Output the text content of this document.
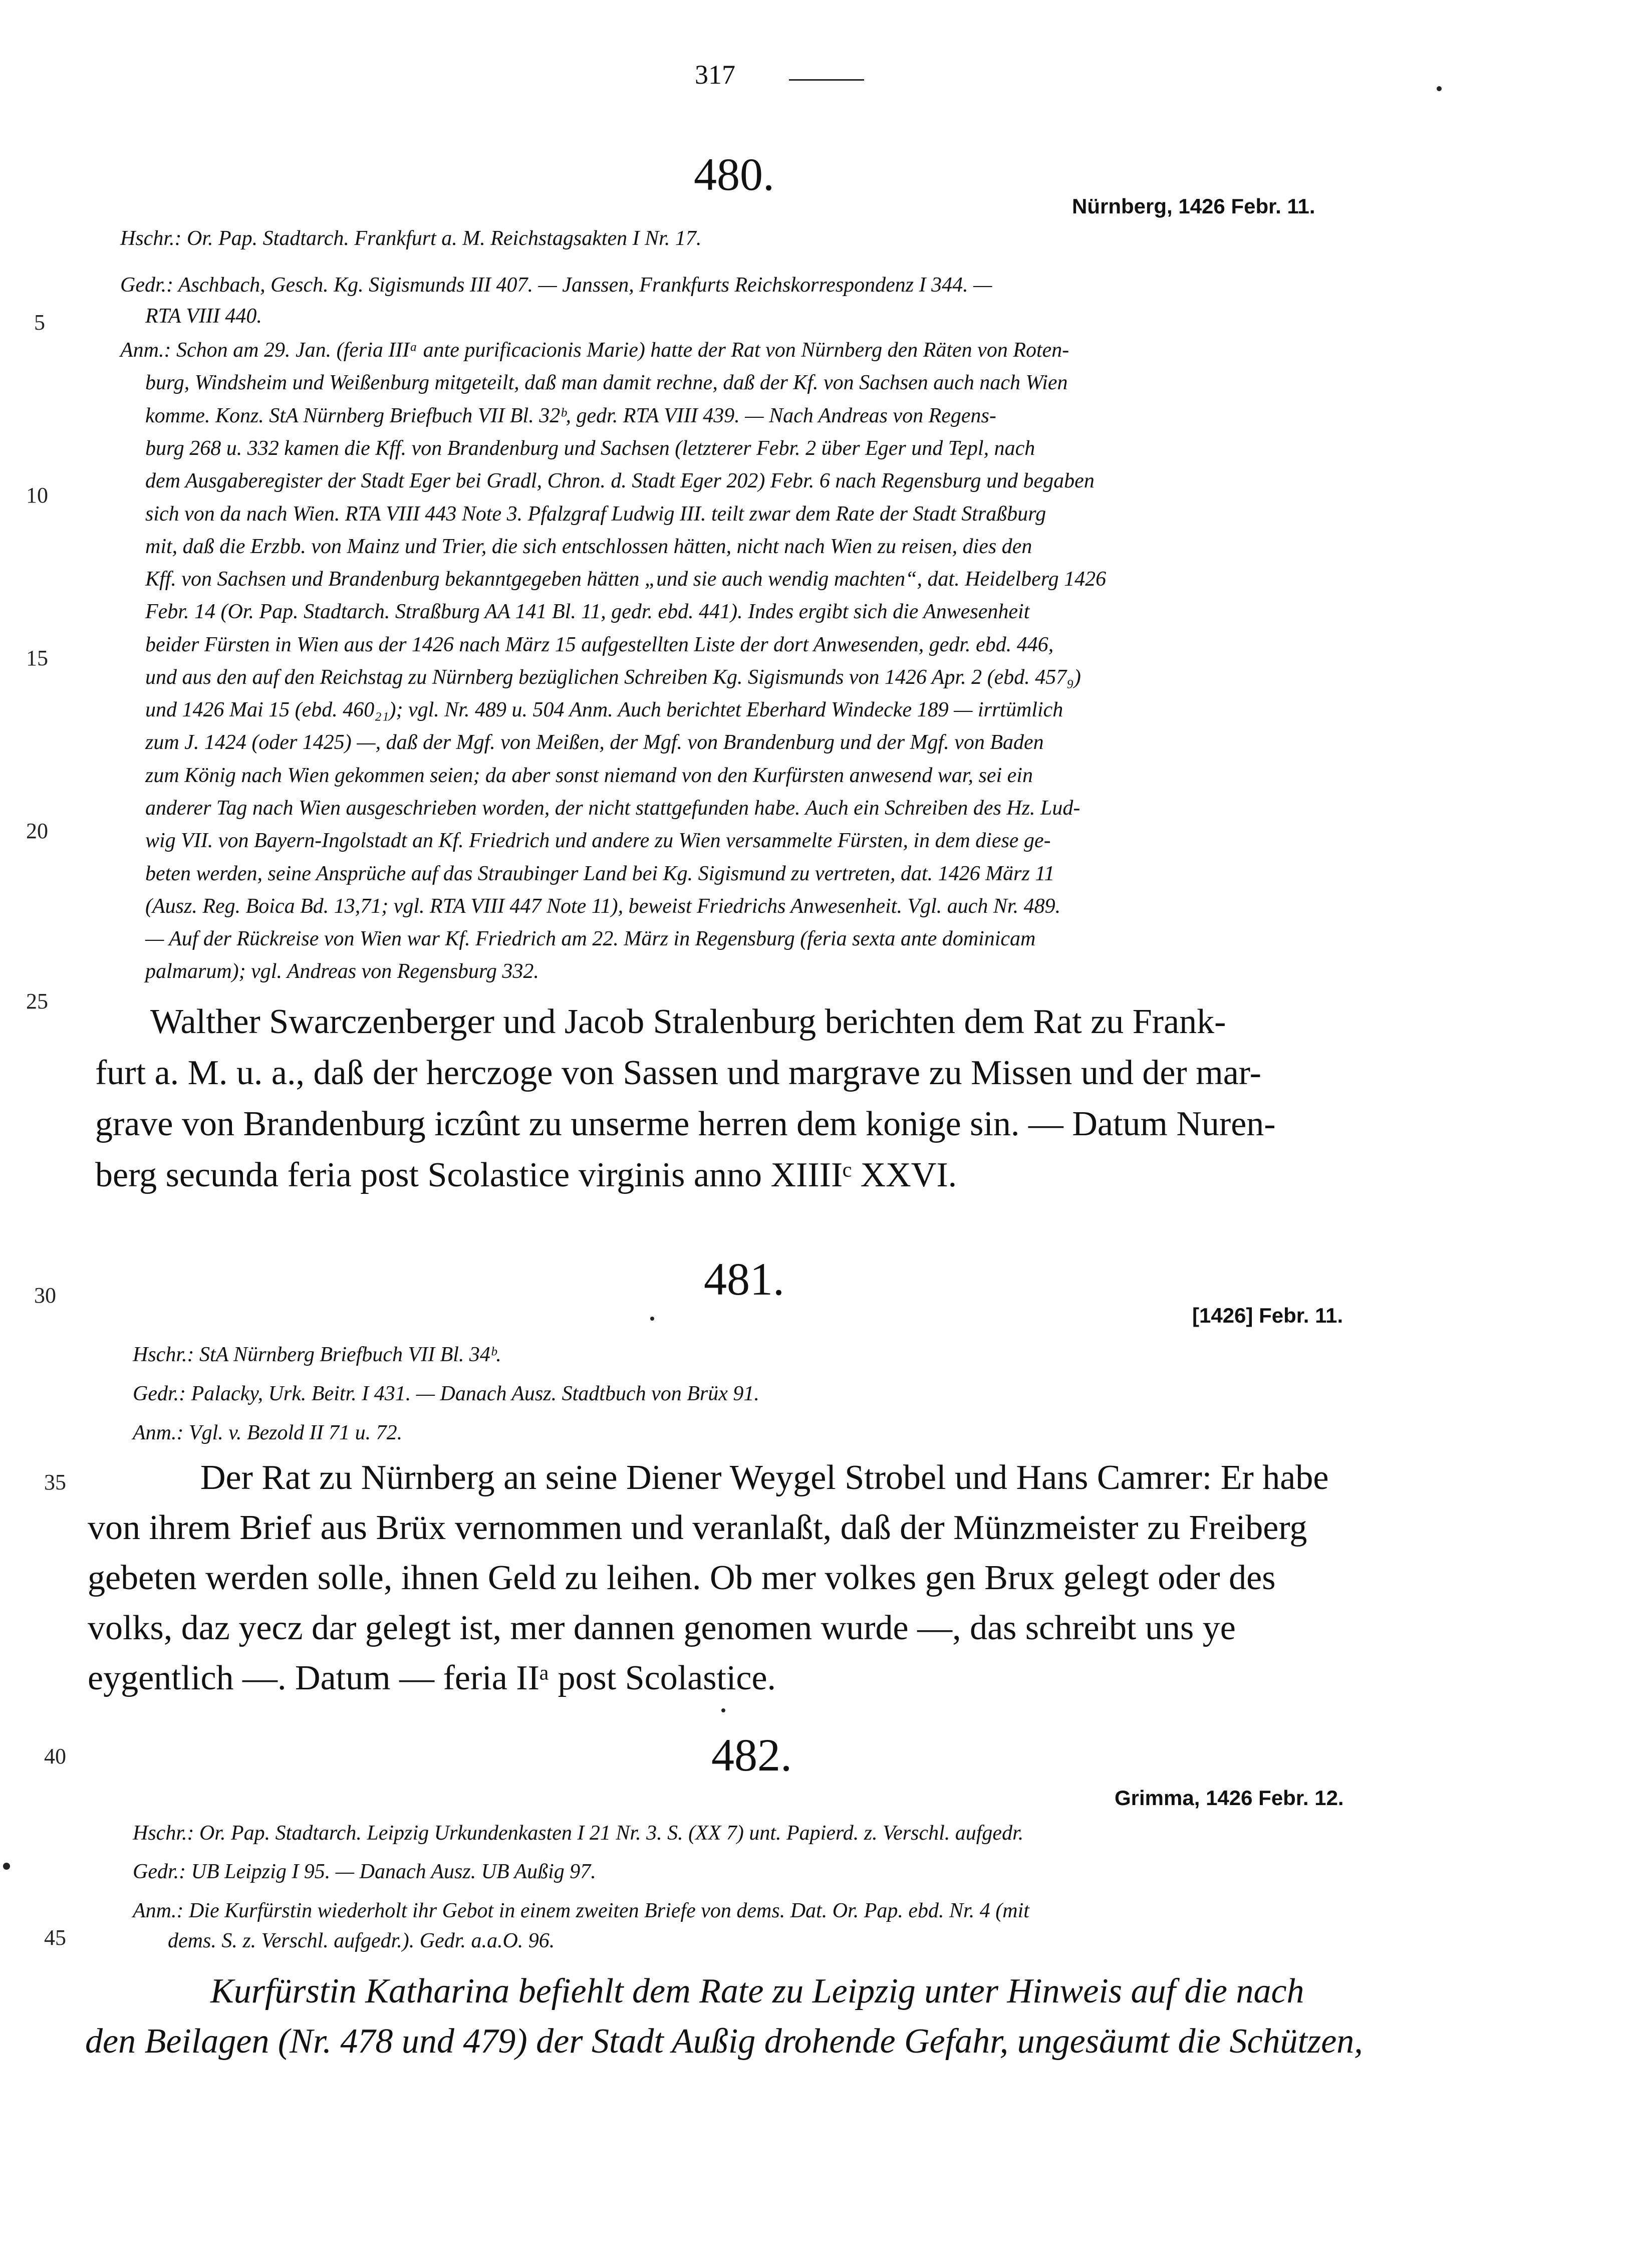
317
5
10
15
20
25
30
35
40
45
480.
Nürnberg, 1426 Febr. 11.
Hschr.: Or. Pap. Stadtarch. Frankfurt a. M. Reichstagsakten I Nr. 17.
Gedr.: Aschbach, Gesch. Kg. Sigismunds III 407. — Janssen, Frankfurts Reichskorrespondenz I 344. —
RTA VIII 440.
Anm.: Schon am 29. Jan. (feria IIIᵃ ante purificacionis Marie) hatte der Rat von Nürnberg den Räten von Roten-
burg, Windsheim und Weißenburg mitgeteilt, daß man damit rechne, daß der Kf. von Sachsen auch nach Wien
komme. Konz. StA Nürnberg Briefbuch VII Bl. 32ᵇ, gedr. RTA VIII 439. — Nach Andreas von Regens-
burg 268 u. 332 kamen die Kff. von Brandenburg und Sachsen (letzterer Febr. 2 über Eger und Tepl, nach
dem Ausgaberegister der Stadt Eger bei Gradl, Chron. d. Stadt Eger 202) Febr. 6 nach Regensburg und begaben
sich von da nach Wien. RTA VIII 443 Note 3. Pfalzgraf Ludwig III. teilt zwar dem Rate der Stadt Straßburg
mit, daß die Erzbb. von Mainz und Trier, die sich entschlossen hätten, nicht nach Wien zu reisen, dies den
Kff. von Sachsen und Brandenburg bekanntgegeben hätten „und sie auch wendig machten“, dat. Heidelberg 1426
Febr. 14 (Or. Pap. Stadtarch. Straßburg AA 141 Bl. 11, gedr. ebd. 441). Indes ergibt sich die Anwesenheit
beider Fürsten in Wien aus der 1426 nach März 15 aufgestellten Liste der dort Anwesenden, gedr. ebd. 446,
und aus den auf den Reichstag zu Nürnberg bezüglichen Schreiben Kg. Sigismunds von 1426 Apr. 2 (ebd. 457₉)
und 1426 Mai 15 (ebd. 460₂₁); vgl. Nr. 489 u. 504 Anm. Auch berichtet Eberhard Windecke 189 — irrtümlich
zum J. 1424 (oder 1425) —, daß der Mgf. von Meißen, der Mgf. von Brandenburg und der Mgf. von Baden
zum König nach Wien gekommen seien; da aber sonst niemand von den Kurfürsten anwesend war, sei ein
anderer Tag nach Wien ausgeschrieben worden, der nicht stattgefunden habe. Auch ein Schreiben des Hz. Lud-
wig VII. von Bayern-Ingolstadt an Kf. Friedrich und andere zu Wien versammelte Fürsten, in dem diese ge-
beten werden, seine Ansprüche auf das Straubinger Land bei Kg. Sigismund zu vertreten, dat. 1426 März 11
(Ausz. Reg. Boica Bd. 13,71; vgl. RTA VIII 447 Note 11), beweist Friedrichs Anwesenheit. Vgl. auch Nr. 489.
— Auf der Rückreise von Wien war Kf. Friedrich am 22. März in Regensburg (feria sexta ante dominicam
palmarum); vgl. Andreas von Regensburg 332.
Walther Swarczenberger und Jacob Stralenburg berichten dem Rat zu Frank-
furt a. M. u. a., daß der herczoge von Sassen und margrave zu Missen und der mar-
grave von Brandenburg iczûnt zu unserme herren dem konige sin. — Datum Nuren-
berg secunda feria post Scolastice virginis anno XIIIIᶜ XXVI.
481.
[1426] Febr. 11.
Hschr.: StA Nürnberg Briefbuch VII Bl. 34ᵇ.
Gedr.: Palacky, Urk. Beitr. I 431. — Danach Ausz. Stadtbuch von Brüx 91.
Anm.: Vgl. v. Bezold II 71 u. 72.
Der Rat zu Nürnberg an seine Diener Weygel Strobel und Hans Camrer: Er habe
von ihrem Brief aus Brüx vernommen und veranlaßt, daß der Münzmeister zu Freiberg
gebeten werden solle, ihnen Geld zu leihen. Ob mer volkes gen Brux gelegt oder des
volks, daz yecz dar gelegt ist, mer dannen genomen wurde —, das schreibt uns ye
eygentlich —. Datum — feria IIᵃ post Scolastice.
482.
Grimma, 1426 Febr. 12.
Hschr.: Or. Pap. Stadtarch. Leipzig Urkundenkasten I 21 Nr. 3. S. (XX 7) unt. Papierd. z. Verschl. aufgedr.
Gedr.: UB Leipzig I 95. — Danach Ausz. UB Außig 97.
Anm.: Die Kurfürstin wiederholt ihr Gebot in einem zweiten Briefe von dems. Dat. Or. Pap. ebd. Nr. 4 (mit
dems. S. z. Verschl. aufgedr.). Gedr. a.a.O. 96.
Kurfürstin Katharina befiehlt dem Rate zu Leipzig unter Hinweis auf die nach
den Beilagen (Nr. 478 und 479) der Stadt Außig drohende Gefahr, ungesäumt die Schützen,
